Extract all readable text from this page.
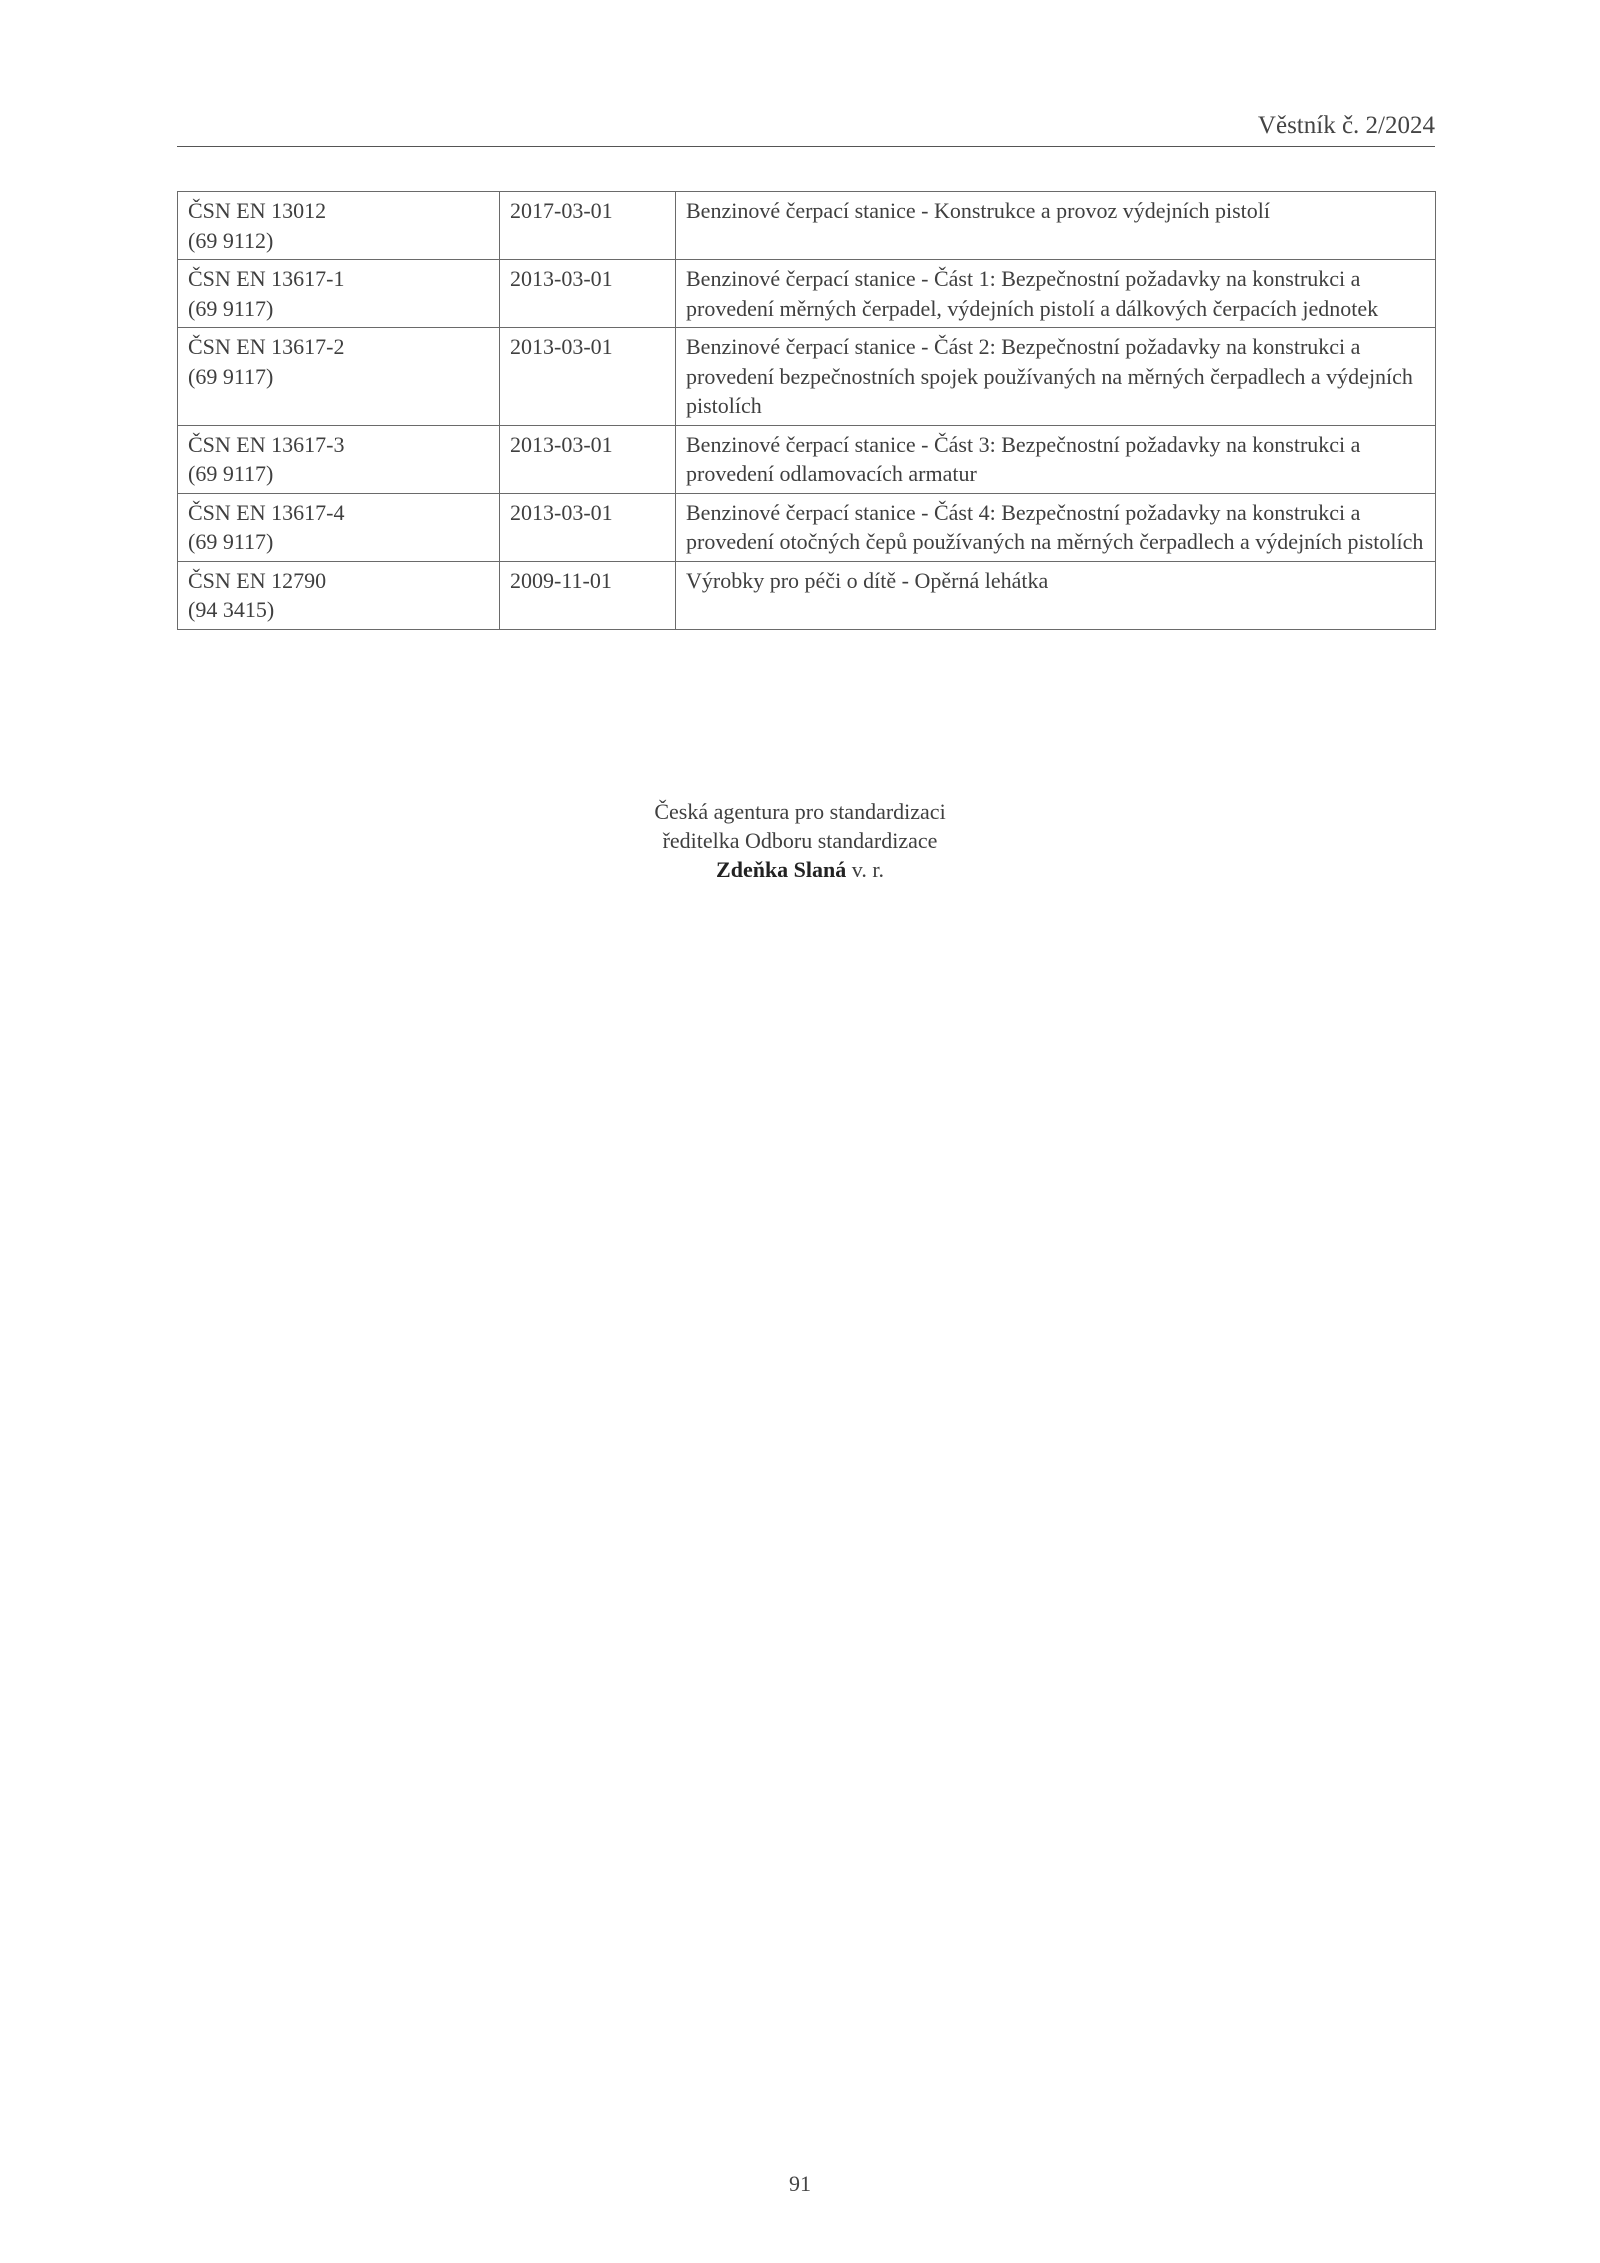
Věstník č. 2/2024
ČSN EN 13012
(69 9112)	2017-03-01	Benzinové čerpací stanice - Konstrukce a provoz výdejních pistolí

ČSN EN 13617-1
(69 9117)	2013-03-01	Benzinové čerpací stanice - Část 1: Bezpečnostní požadavky na konstrukci a provedení měrných čerpadel, výdejních pistolí a dálkových čerpacích jednotek

ČSN EN 13617-2
(69 9117)	2013-03-01	Benzinové čerpací stanice - Část 2: Bezpečnostní požadavky na konstrukci a provedení bezpečnostních spojek používaných na měrných čerpadlech a výdejních pistolích

ČSN EN 13617-3
(69 9117)	2013-03-01	Benzinové čerpací stanice - Část 3: Bezpečnostní požadavky na konstrukci a provedení odlamovacích armatur

ČSN EN 13617-4
(69 9117)	2013-03-01	Benzinové čerpací stanice - Část 4: Bezpečnostní požadavky na konstrukci a provedení otočných čepů používaných na měrných čerpadlech a výdejních pistolích

ČSN EN 12790
(94 3415)	2009-11-01	Výrobky pro péči o dítě - Opěrná lehátka
Česká agentura pro standardizaci
ředitelka Odboru standardizace
Zdeňka Slaná v. r.
91
